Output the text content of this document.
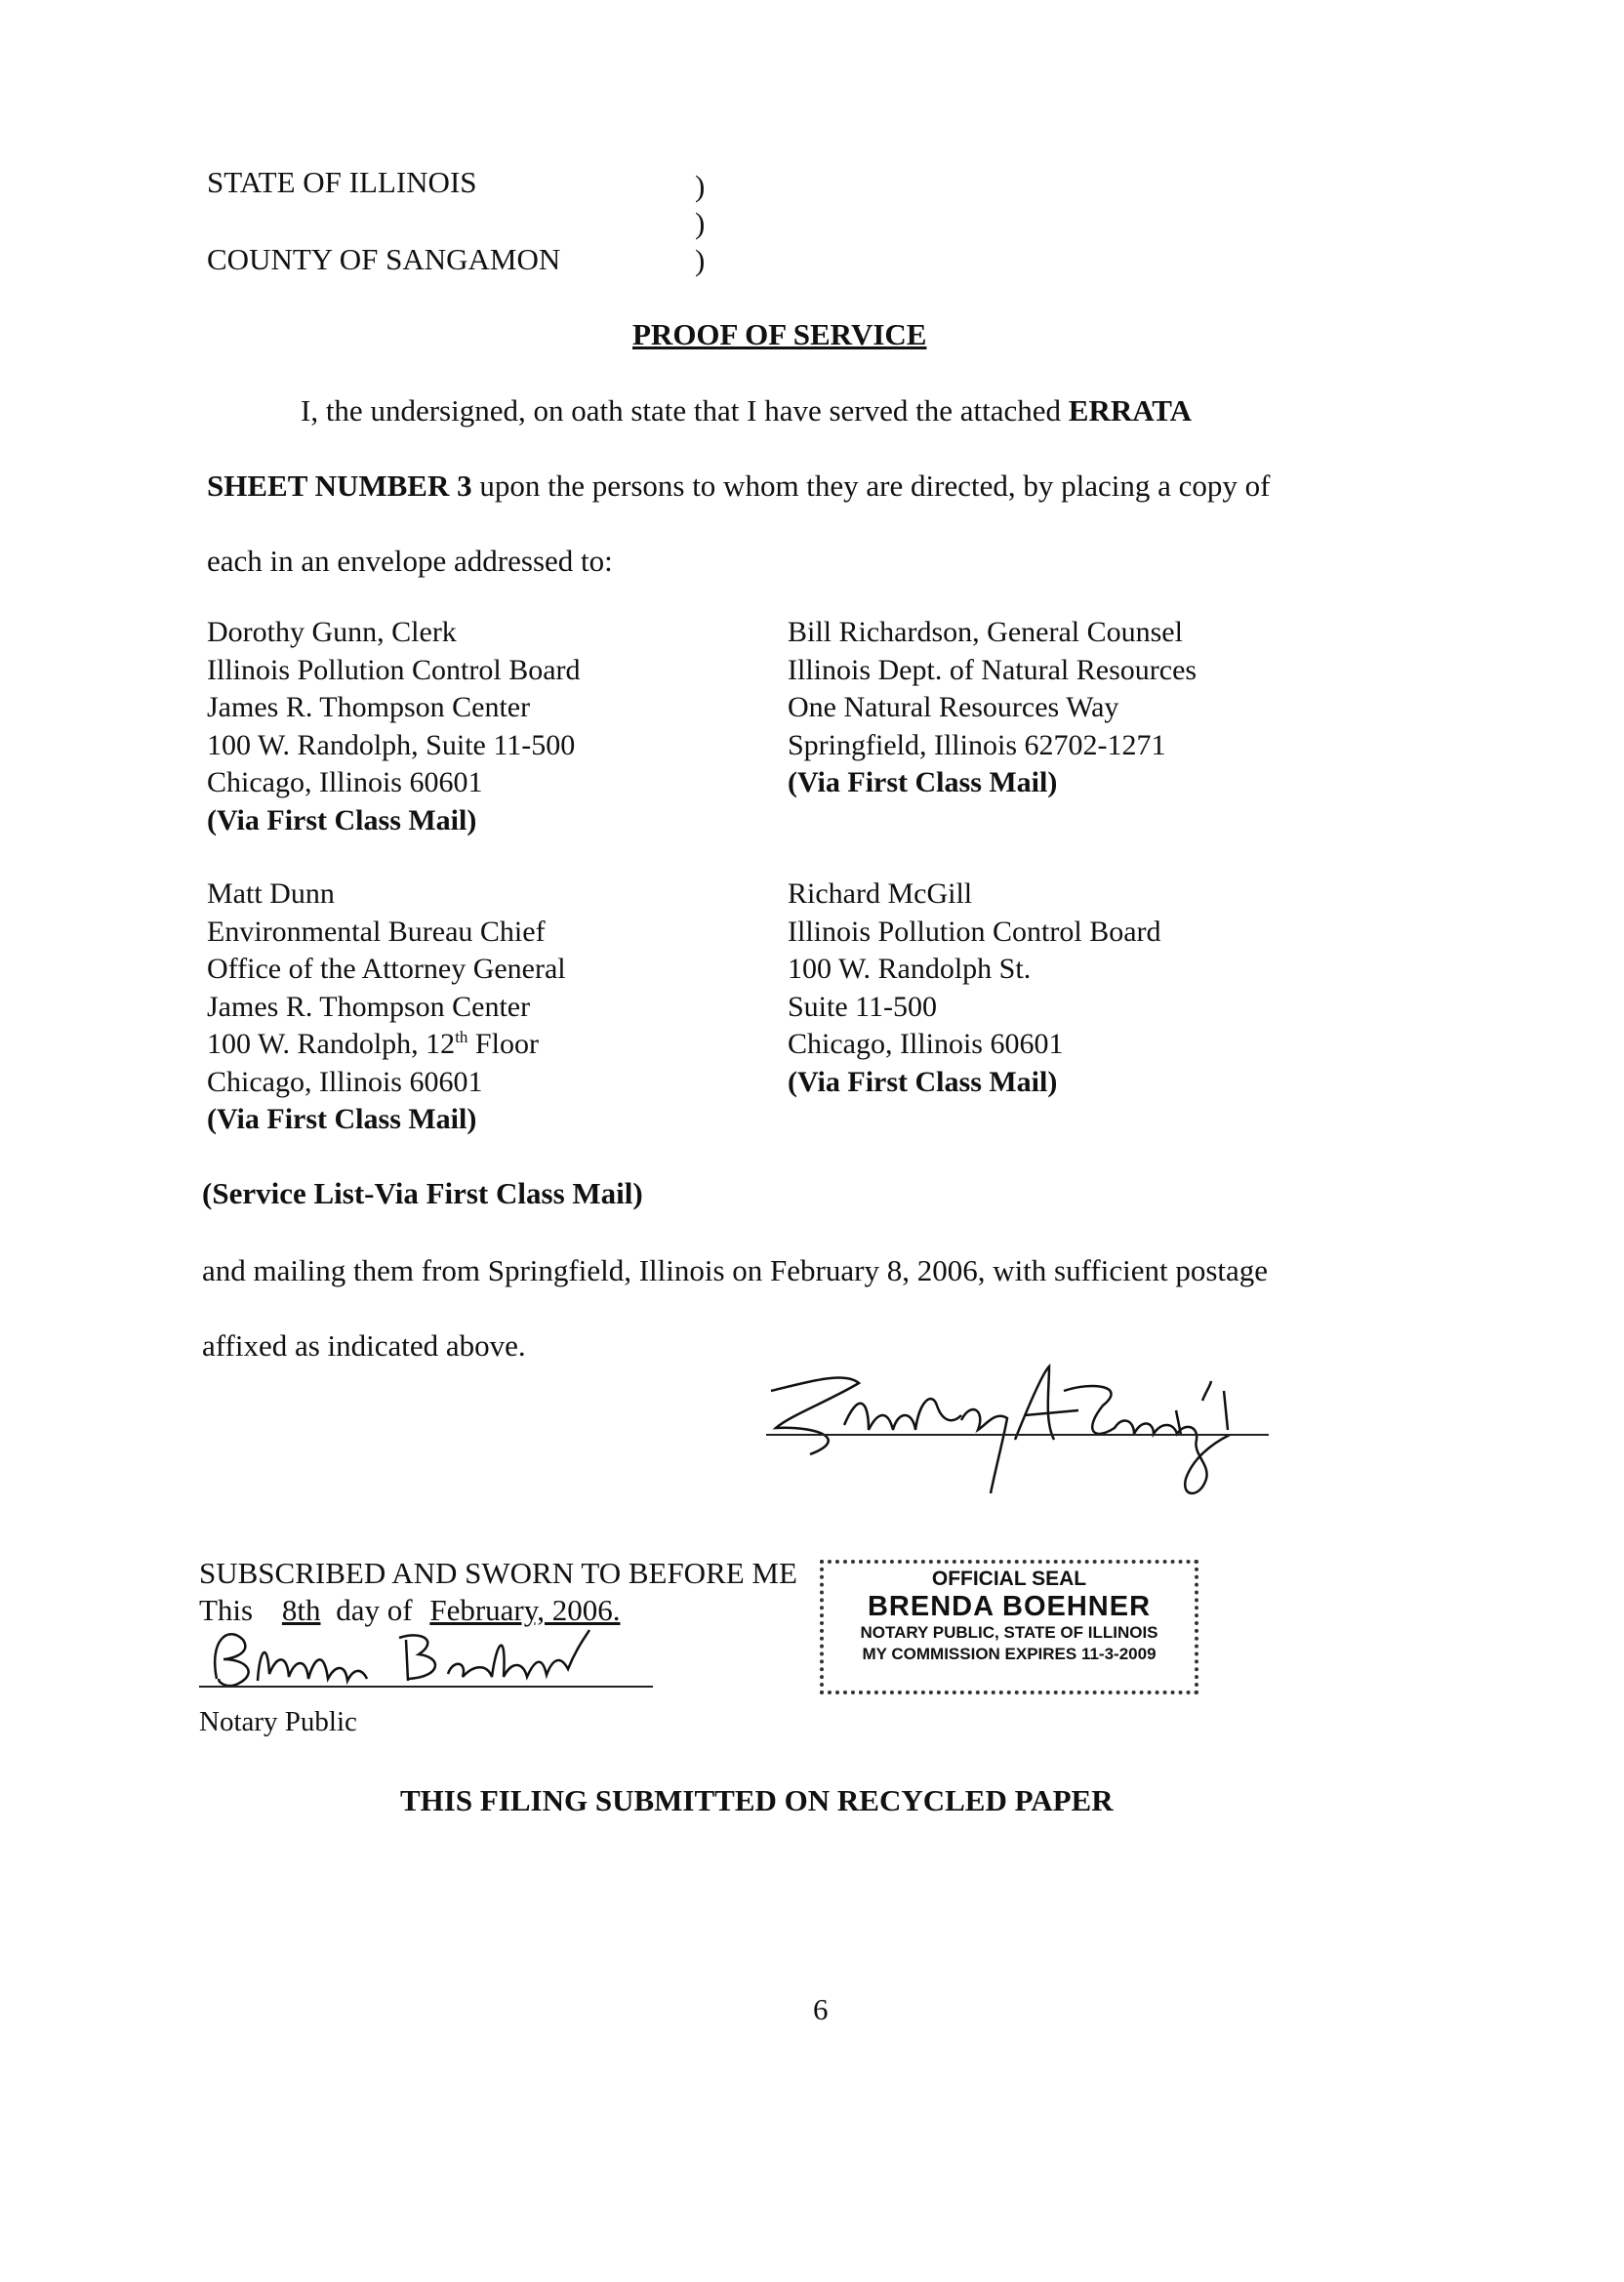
STATE OF ILLINOIS
COUNTY OF SANGAMON
)
)
)
PROOF OF SERVICE
I, the undersigned, on oath state that I have served the attached ERRATA
SHEET NUMBER 3 upon the persons to whom they are directed, by placing a copy of
each in an envelope addressed to:
Dorothy Gunn, Clerk
Illinois Pollution Control Board
James R. Thompson Center
100 W. Randolph, Suite 11-500
Chicago, Illinois 60601
(Via First Class Mail)
Bill Richardson, General Counsel
Illinois Dept. of Natural Resources
One Natural Resources Way
Springfield, Illinois 62702-1271
(Via First Class Mail)
Matt Dunn
Environmental Bureau Chief
Office of the Attorney General
James R. Thompson Center
100 W. Randolph, 12th Floor
Chicago, Illinois 60601
(Via First Class Mail)
Richard McGill
Illinois Pollution Control Board
100 W. Randolph St.
Suite 11-500
Chicago, Illinois 60601
(Via First Class Mail)
(Service List-Via First Class Mail)
and mailing them from Springfield, Illinois on February 8, 2006, with sufficient postage
affixed as indicated above.
SUBSCRIBED AND SWORN TO BEFORE ME
This 8th day of February, 2006.
Notary Public
OFFICIAL SEAL
BRENDA BOEHNER
NOTARY PUBLIC, STATE OF ILLINOIS
MY COMMISSION EXPIRES 11-3-2009
THIS FILING SUBMITTED ON RECYCLED PAPER
6
